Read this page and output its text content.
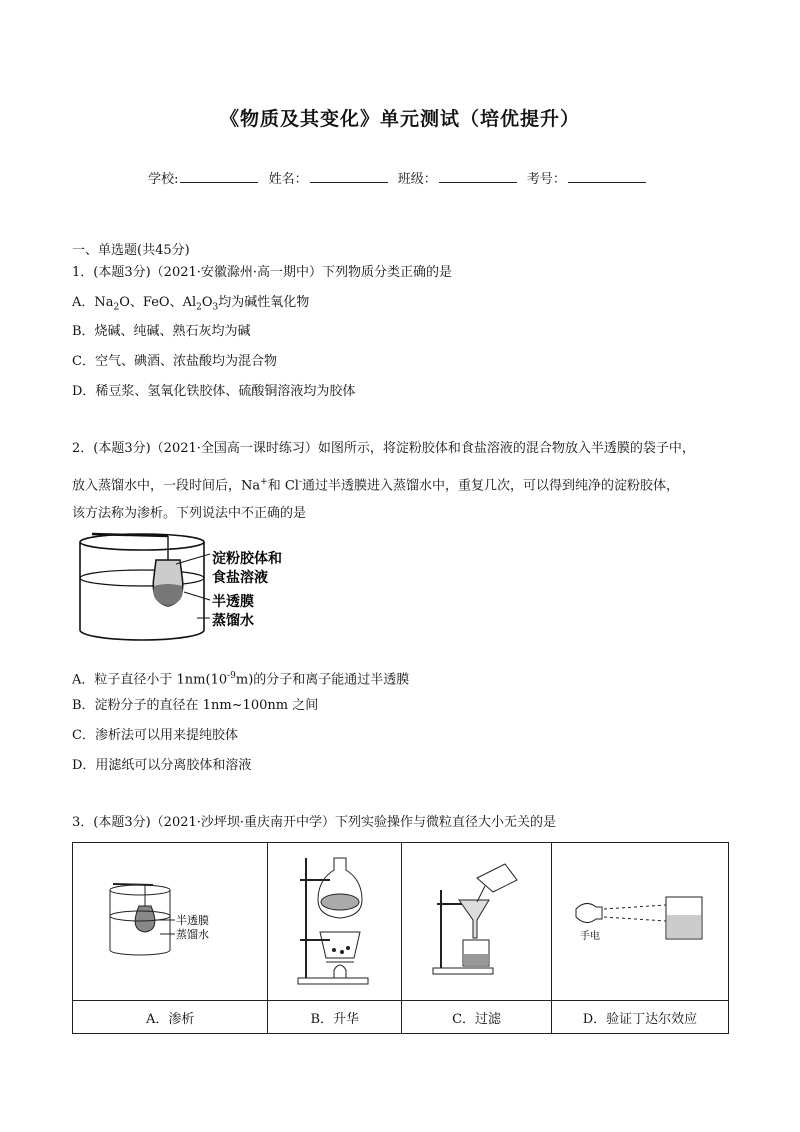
《物质及其变化》单元测试（培优提升）
学校:	姓名：	班级：	考号：
一、单选题(共45分)
1．(本题3分)（2021·安徽滁州·高一期中）下列物质分类正确的是
A．$Na_2O$、FeO、$Al_2O_3$均为碱性氧化物
B．烧碱、纯碱、熟石灰均为碱
C．空气、碘酒、浓盐酸均为混合物
D．稀豆浆、氢氧化铁胶体、硫酸铜溶液均为胶体
2．(本题3分)（2021·全国高一课时练习）如图所示，将淀粉胶体和食盐溶液的混合物放入半透膜的袋子中，
放入蒸馏水中，一段时间后，Na+和 Cl-通过半透膜进入蒸馏水中，重复几次，可以得到纯净的淀粉胶体，
该方法称为渗析。下列说法中不正确的是
淀粉胶体和
食盐溶液
半透膜
蒸馏水
A．粒子直径小于 $1nm(10^{-9}m)$的分子和离子能通过半透膜
B．淀粉分子的直径在 1nm~100nm 之间
C．渗析法可以用来提纯胶体
D．用滤纸可以分离胶体和溶液
3．(本题3分)（2021·沙坪坝·重庆南开中学）下列实验操作与微粒直径大小无关的是
半透膜
蒸馏水			手电

A．渗析	B．升华	C．过滤	D．验证丁达尔效应
